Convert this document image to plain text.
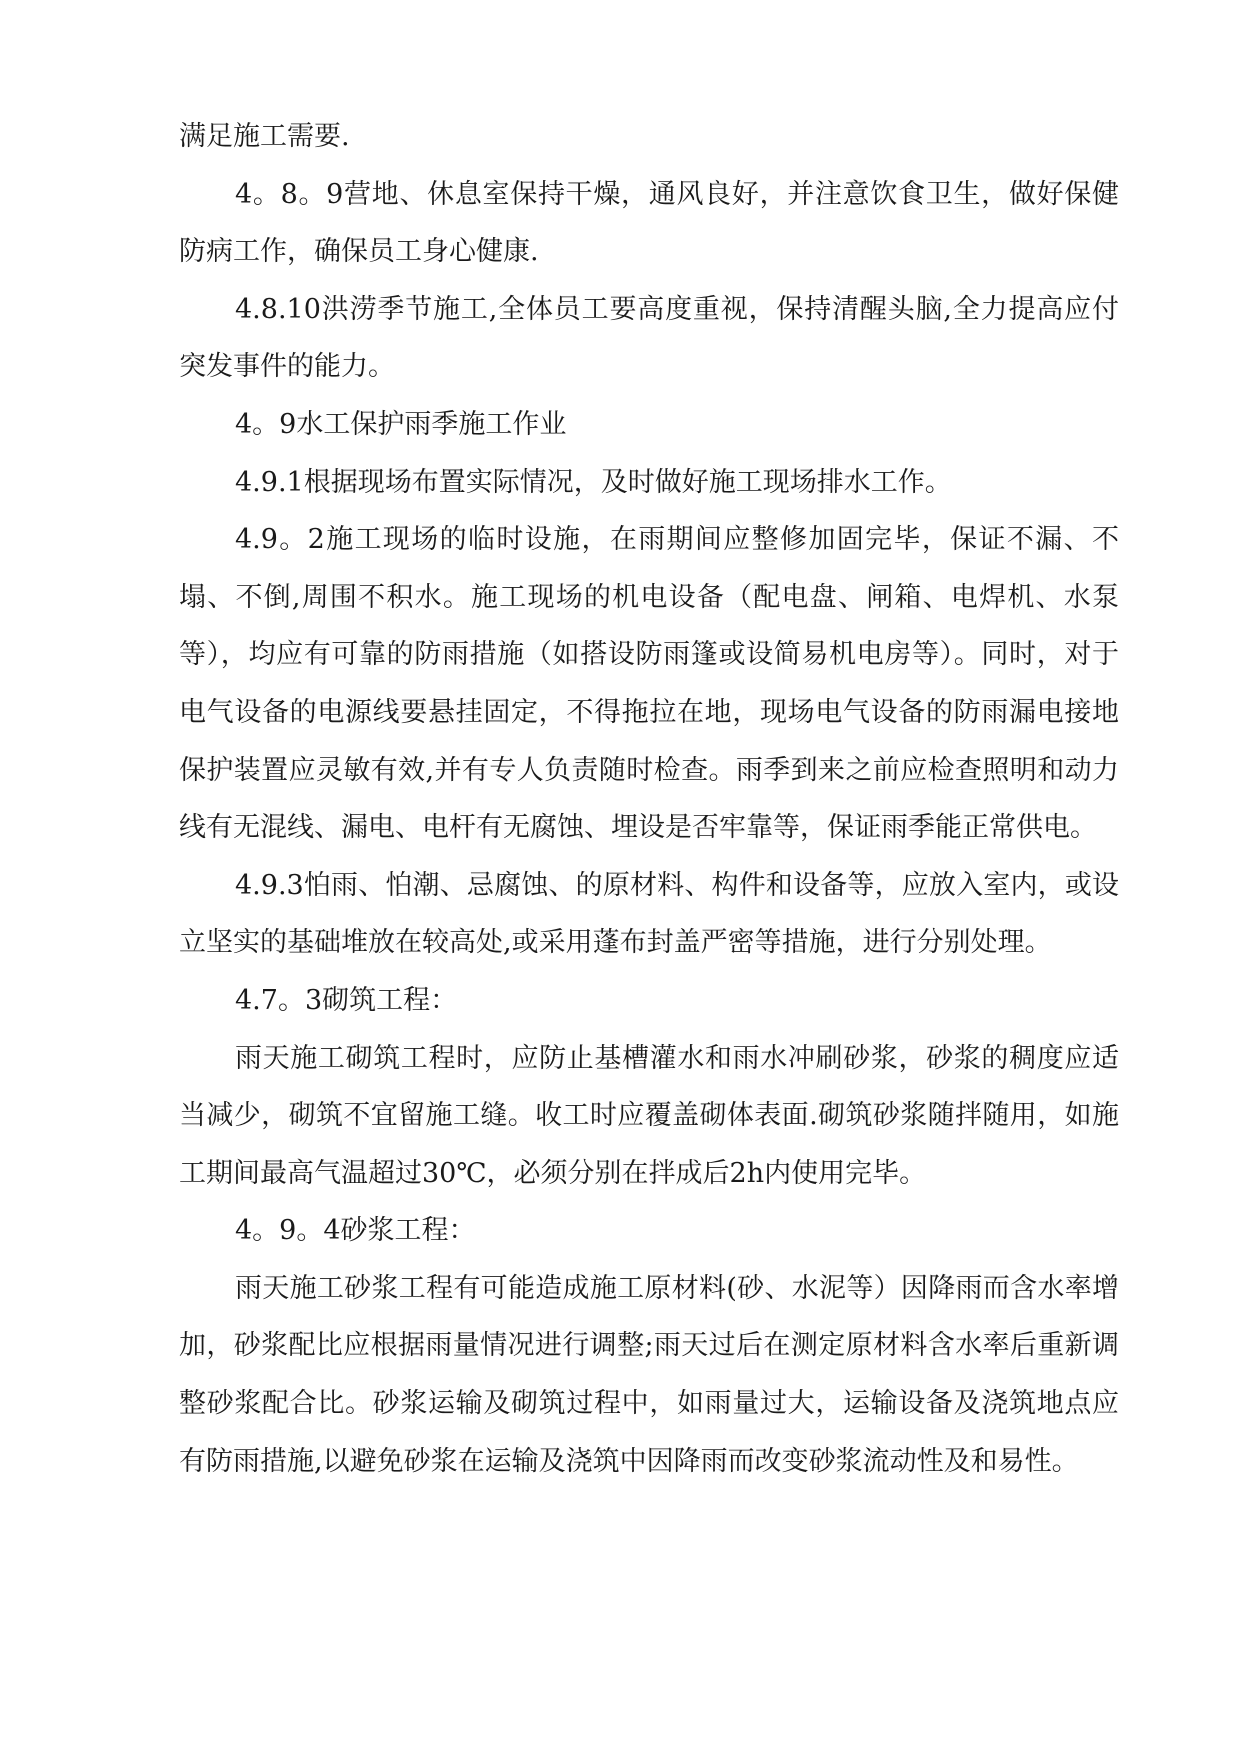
满足施工需要.

4。8。9营地、休息室保持干燥，通风良好，并注意饮食卫生，做好保健防病工作，确保员工身心健康.

4.8.10洪涝季节施工,全体员工要高度重视，保持清醒头脑,全力提高应付突发事件的能力。

4。9水工保护雨季施工作业

4.9.1根据现场布置实际情况，及时做好施工现场排水工作。

4.9。2施工现场的临时设施，在雨期间应整修加固完毕，保证不漏、不塌、不倒,周围不积水。施工现场的机电设备（配电盘、闸箱、电焊机、水泵等），均应有可靠的防雨措施（如搭设防雨篷或设简易机电房等）。同时，对于电气设备的电源线要悬挂固定，不得拖拉在地，现场电气设备的防雨漏电接地保护装置应灵敏有效,并有专人负责随时检查。雨季到来之前应检查照明和动力线有无混线、漏电、电杆有无腐蚀、埋设是否牢靠等，保证雨季能正常供电。

4.9.3怕雨、怕潮、忌腐蚀、的原材料、构件和设备等，应放入室内，或设立坚实的基础堆放在较高处,或采用蓬布封盖严密等措施，进行分别处理。

4.7。3砌筑工程：

雨天施工砌筑工程时，应防止基槽灌水和雨水冲刷砂浆，砂浆的稠度应适当减少，砌筑不宜留施工缝。收工时应覆盖砌体表面.砌筑砂浆随拌随用，如施工期间最高气温超过30℃，必须分别在拌成后2h内使用完毕。

4。9。4砂浆工程：

雨天施工砂浆工程有可能造成施工原材料(砂、水泥等）因降雨而含水率增加，砂浆配比应根据雨量情况进行调整;雨天过后在测定原材料含水率后重新调整砂浆配合比。砂浆运输及砌筑过程中，如雨量过大，运输设备及浇筑地点应有防雨措施,以避免砂浆在运输及浇筑中因降雨而改变砂浆流动性及和易性。
